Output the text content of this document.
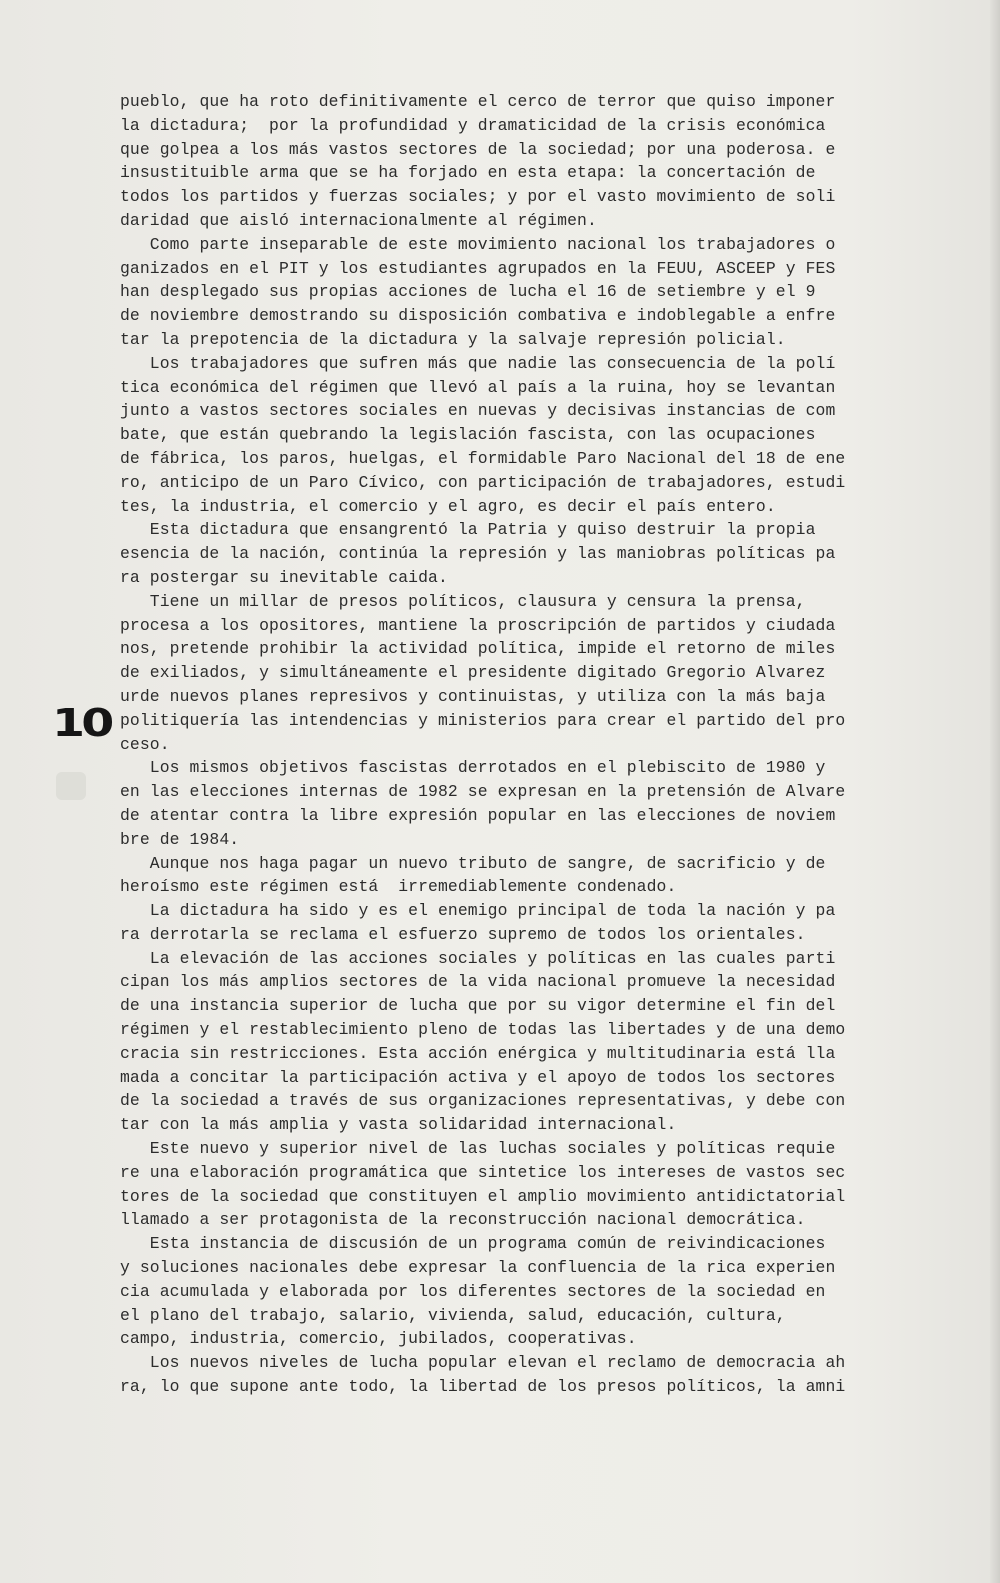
10
pueblo, que ha roto definitivamente el cerco de terror que quiso imponer
la dictadura;  por la profundidad y dramaticidad de la crisis económica
que golpea a los más vastos sectores de la sociedad; por una poderosa. e
insustituible arma que se ha forjado en esta etapa: la concertación de
todos los partidos y fuerzas sociales; y por el vasto movimiento de soli
daridad que aisló internacionalmente al régimen.
Como parte inseparable de este movimiento nacional los trabajadores o
ganizados en el PIT y los estudiantes agrupados en la FEUU, ASCEEP y FES
han desplegado sus propias acciones de lucha el 16 de setiembre y el 9
de noviembre demostrando su disposición combativa e indoblegable a enfre
tar la prepotencia de la dictadura y la salvaje represión policial.
Los trabajadores que sufren más que nadie las consecuencia de la polí
tica económica del régimen que llevó al país a la ruina, hoy se levantan
junto a vastos sectores sociales en nuevas y decisivas instancias de com
bate, que están quebrando la legislación fascista, con las ocupaciones
de fábrica, los paros, huelgas, el formidable Paro Nacional del 18 de ene
ro, anticipo de un Paro Cívico, con participación de trabajadores, estudi
tes, la industria, el comercio y el agro, es decir el país entero.
Esta dictadura que ensangrentó la Patria y quiso destruir la propia
esencia de la nación, continúa la represión y las maniobras políticas pa
ra postergar su inevitable caida.
Tiene un millar de presos políticos, clausura y censura la prensa,
procesa a los opositores, mantiene la proscripción de partidos y ciudada
nos, pretende prohibir la actividad política, impide el retorno de miles
de exiliados, y simultáneamente el presidente digitado Gregorio Alvarez
urde nuevos planes represivos y continuistas, y utiliza con la más baja
politiquería las intendencias y ministerios para crear el partido del pro
ceso.
Los mismos objetivos fascistas derrotados en el plebiscito de 1980 y
en las elecciones internas de 1982 se expresan en la pretensión de Alvare
de atentar contra la libre expresión popular en las elecciones de noviem
bre de 1984.
Aunque nos haga pagar un nuevo tributo de sangre, de sacrificio y de
heroísmo este régimen está  irremediablemente condenado.
La dictadura ha sido y es el enemigo principal de toda la nación y pa
ra derrotarla se reclama el esfuerzo supremo de todos los orientales.
La elevación de las acciones sociales y políticas en las cuales parti
cipan los más amplios sectores de la vida nacional promueve la necesidad
de una instancia superior de lucha que por su vigor determine el fin del
régimen y el restablecimiento pleno de todas las libertades y de una demo
cracia sin restricciones. Esta acción enérgica y multitudinaria está lla
mada a concitar la participación activa y el apoyo de todos los sectores
de la sociedad a través de sus organizaciones representativas, y debe con
tar con la más amplia y vasta solidaridad internacional.
Este nuevo y superior nivel de las luchas sociales y políticas requie
re una elaboración programática que sintetice los intereses de vastos sec
tores de la sociedad que constituyen el amplio movimiento antidictatorial
llamado a ser protagonista de la reconstrucción nacional democrática.
Esta instancia de discusión de un programa común de reivindicaciones
y soluciones nacionales debe expresar la confluencia de la rica experien
cia acumulada y elaborada por los diferentes sectores de la sociedad en
el plano del trabajo, salario, vivienda, salud, educación, cultura,
campo, industria, comercio, jubilados, cooperativas.
Los nuevos niveles de lucha popular elevan el reclamo de democracia ah
ra, lo que supone ante todo, la libertad de los presos políticos, la amni
